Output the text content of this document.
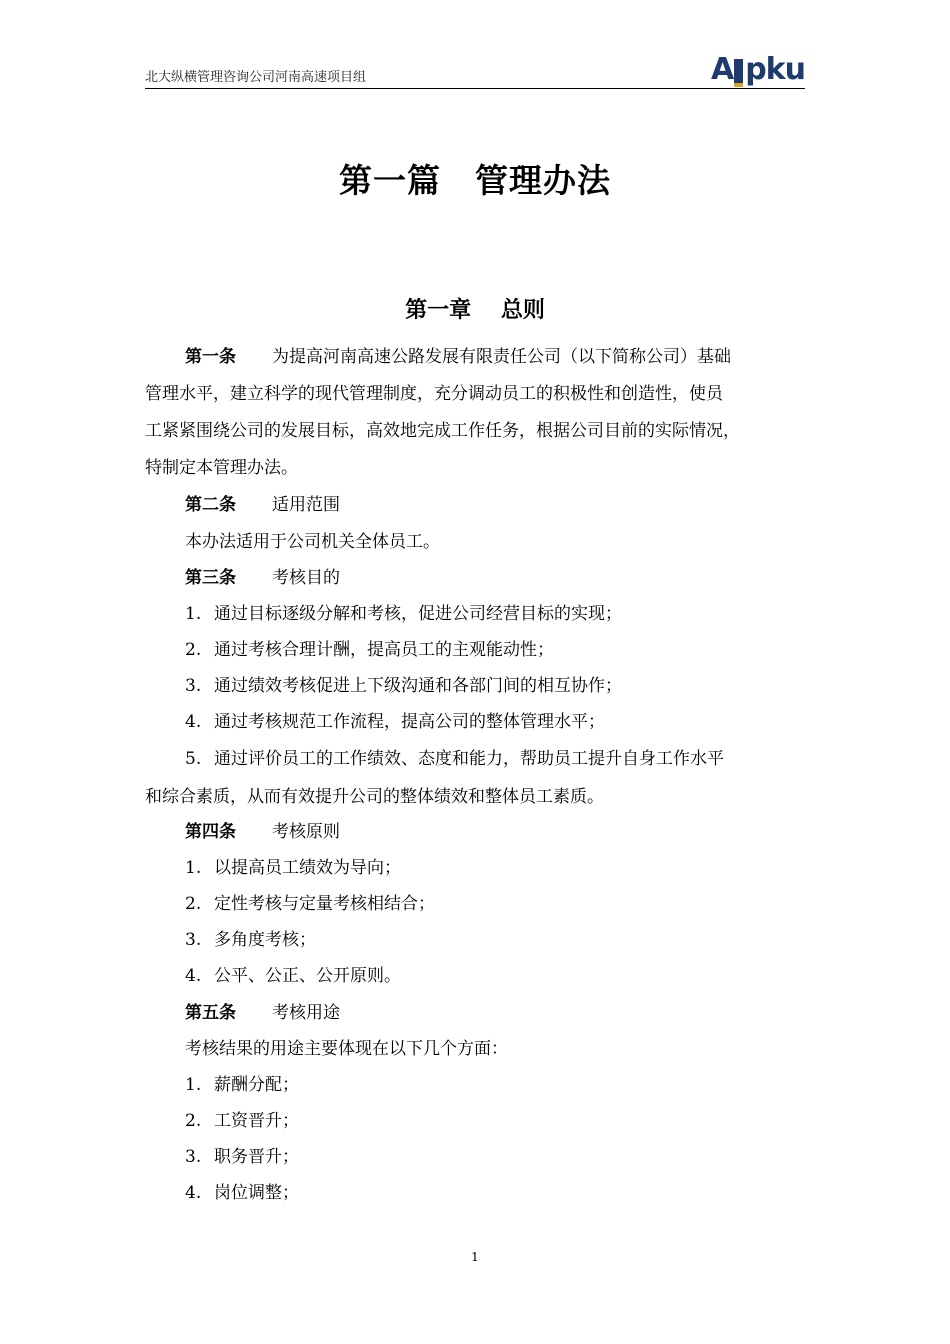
北大纵横管理咨询公司河南高速项目组	A pku
第一篇　管理办法
第一章　 总则
第一条 为提高河南高速公路发展有限责任公司（以下简称公司）基础
管理水平，建立科学的现代管理制度，充分调动员工的积极性和创造性，使员
工紧紧围绕公司的发展目标，高效地完成工作任务，根据公司目前的实际情况，
特制定本管理办法。
第二条 适用范围
本办法适用于公司机关全体员工。
第三条 考核目的
1. 通过目标逐级分解和考核，促进公司经营目标的实现；
2. 通过考核合理计酬，提高员工的主观能动性；
3. 通过绩效考核促进上下级沟通和各部门间的相互协作；
4. 通过考核规范工作流程，提高公司的整体管理水平；
5. 通过评价员工的工作绩效、态度和能力，帮助员工提升自身工作水平
和综合素质，从而有效提升公司的整体绩效和整体员工素质。
第四条 考核原则
1. 以提高员工绩效为导向；
2. 定性考核与定量考核相结合；
3. 多角度考核；
4. 公平、公正、公开原则。
第五条 考核用途
考核结果的用途主要体现在以下几个方面：
1. 薪酬分配；
2. 工资晋升；
3. 职务晋升；
4. 岗位调整；
1
